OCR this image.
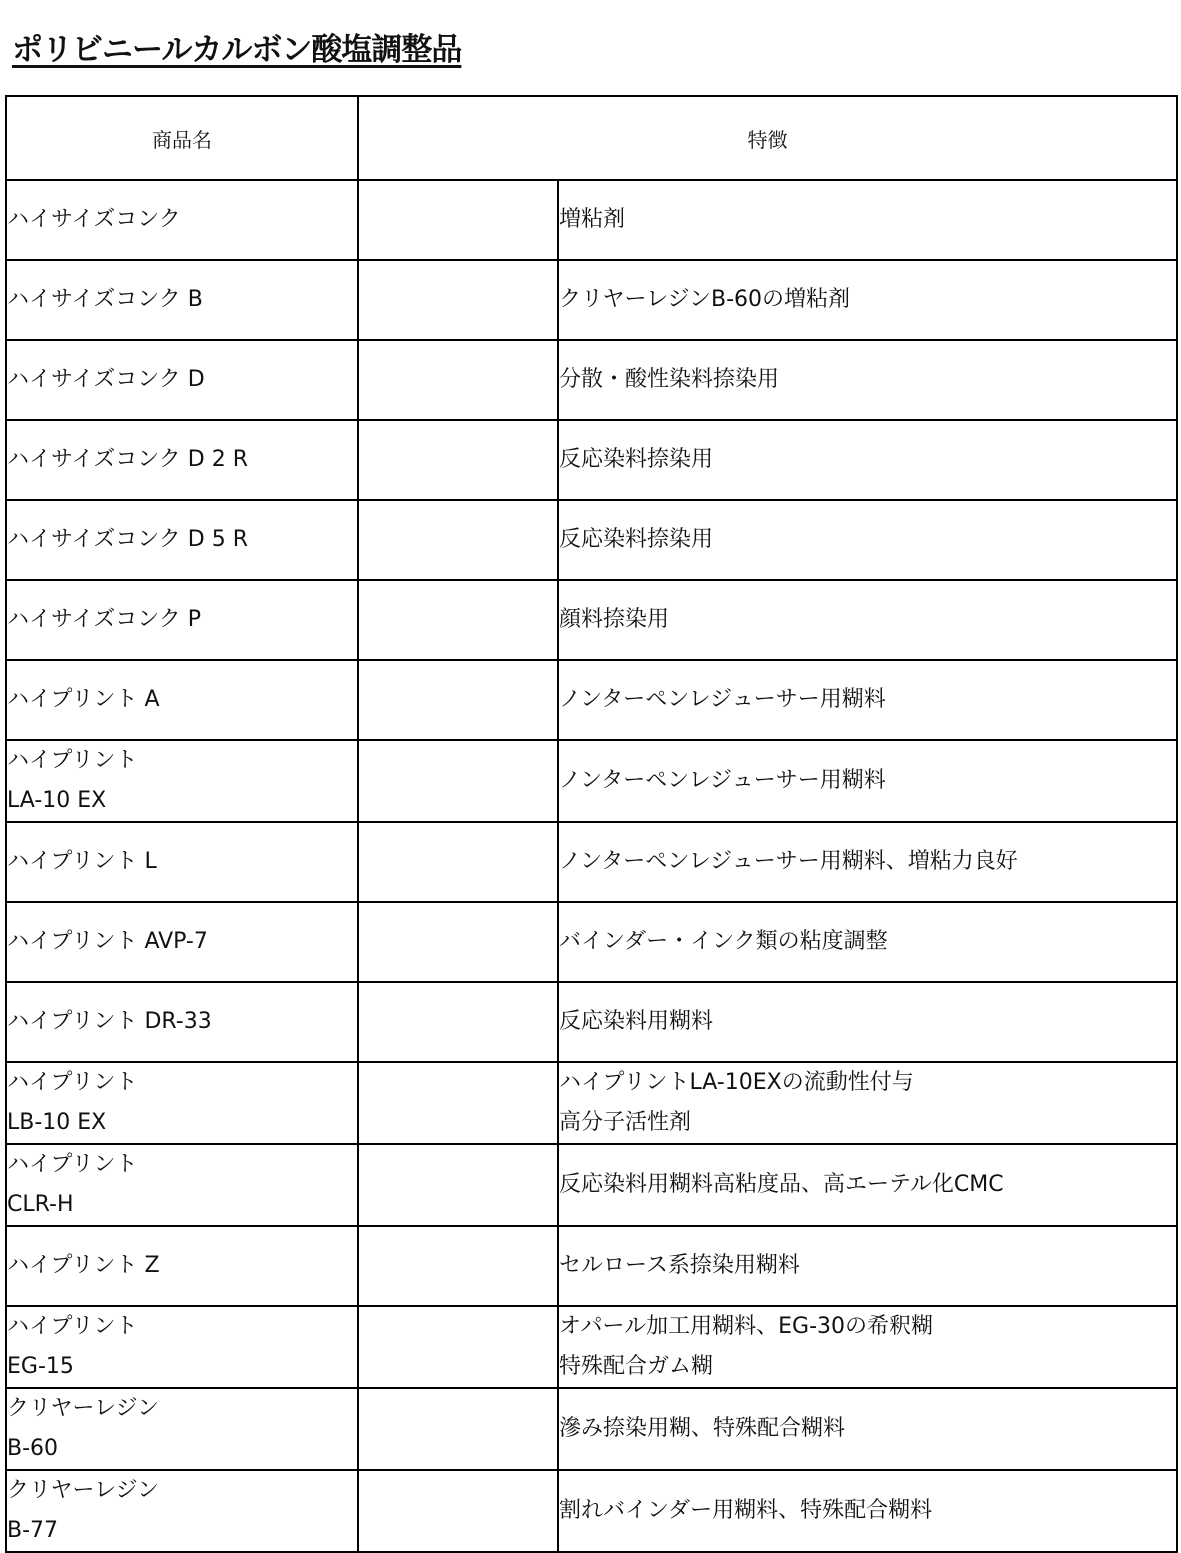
ポリビニールカルボン酸塩調整品
商品名	特徴	

ハイサイズコンク		増粘剤

ハイサイズコンク B		クリヤーレジンB-60の増粘剤

ハイサイズコンク D		分散・酸性染料捺染用

ハイサイズコンク D 2 R		反応染料捺染用

ハイサイズコンク D 5 R		反応染料捺染用

ハイサイズコンク P		顔料捺染用

ハイプリント A		ノンターペンレジューサー用糊料

ハイプリント
LA-10 EX		ノンターペンレジューサー用糊料

ハイプリント L		ノンターペンレジューサー用糊料、増粘力良好

ハイプリント AVP-7		バインダー・インク類の粘度調整

ハイプリント DR-33		反応染料用糊料

ハイプリント
LB-10 EX		ハイプリントLA-10EXの流動性付与
高分子活性剤

ハイプリント
CLR-H		反応染料用糊料高粘度品、高エーテル化CMC

ハイプリント Z		セルロース系捺染用糊料

ハイプリント
EG-15		オパール加工用糊料、EG-30の希釈糊
特殊配合ガム糊

クリヤーレジン
B-60		滲み捺染用糊、特殊配合糊料

クリヤーレジン
B-77		割れバインダー用糊料、特殊配合糊料
